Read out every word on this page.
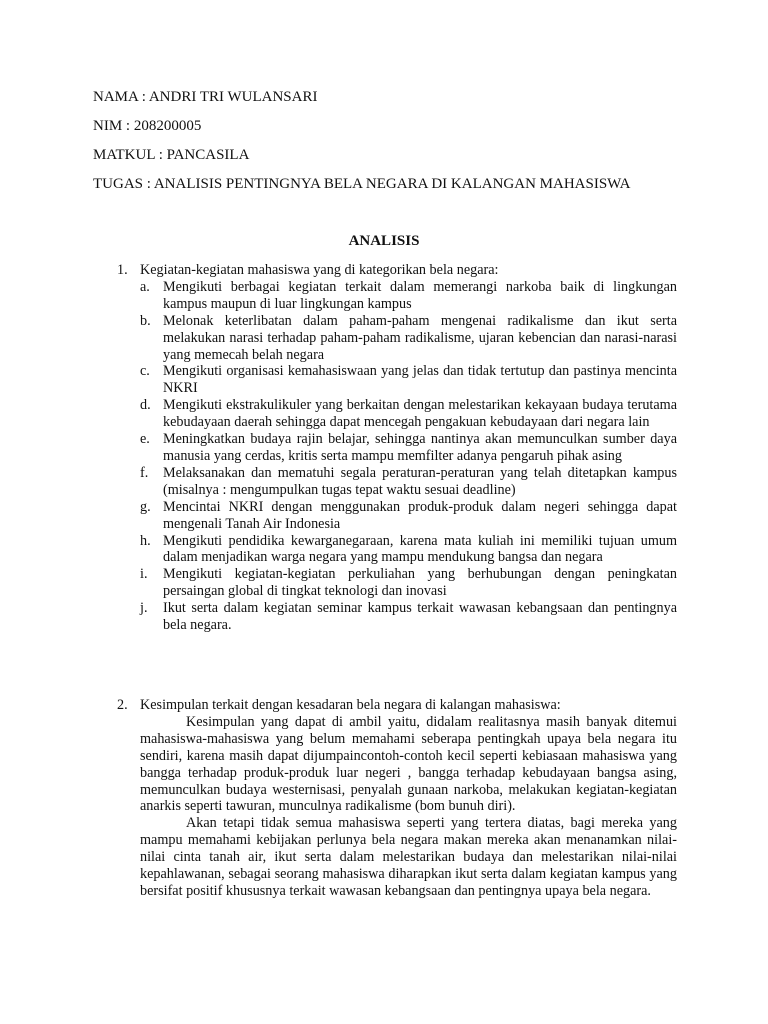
NAMA : ANDRI TRI WULANSARI
NIM : 208200005
MATKUL : PANCASILA
TUGAS : ANALISIS PENTINGNYA BELA NEGARA DI KALANGAN MAHASISWA
ANALISIS
1. Kegiatan-kegiatan mahasiswa yang di kategorikan bela negara:
a. Mengikuti berbagai kegiatan terkait dalam memerangi narkoba baik di lingkungan kampus maupun di luar lingkungan kampus
b. Melonak keterlibatan dalam paham-paham mengenai radikalisme dan ikut serta melakukan narasi terhadap paham-paham radikalisme, ujaran kebencian dan narasi-narasi yang memecah belah negara
c. Mengikuti organisasi kemahasiswaan yang jelas dan tidak tertutup dan pastinya mencinta NKRI
d. Mengikuti ekstrakulikuler yang berkaitan dengan melestarikan kekayaan budaya terutama kebudayaan daerah sehingga dapat mencegah pengakuan kebudayaan dari negara lain
e. Meningkatkan budaya rajin belajar, sehingga nantinya akan memunculkan sumber daya manusia yang cerdas, kritis serta mampu memfilter adanya pengaruh pihak asing
f. Melaksanakan dan mematuhi segala peraturan-peraturan yang telah ditetapkan kampus (misalnya : mengumpulkan tugas tepat waktu sesuai deadline)
g. Mencintai NKRI dengan menggunakan produk-produk dalam negeri sehingga dapat mengenali Tanah Air Indonesia
h. Mengikuti pendidika kewarganegaraan, karena mata kuliah ini memiliki tujuan umum dalam menjadikan warga negara yang mampu mendukung bangsa dan negara
i. Mengikuti kegiatan-kegiatan perkuliahan yang berhubungan dengan peningkatan persaingan global di tingkat teknologi dan inovasi
j. Ikut serta dalam kegiatan seminar kampus terkait wawasan kebangsaan dan pentingnya bela negara.
2. Kesimpulan terkait dengan kesadaran bela negara di kalangan mahasiswa:
Kesimpulan yang dapat di ambil yaitu, didalam realitasnya masih banyak ditemui mahasiswa-mahasiswa yang belum memahami seberapa pentingkah upaya bela negara itu sendiri, karena masih dapat dijumpaincontoh-contoh kecil seperti kebiasaan mahasiswa yang bangga terhadap produk-produk luar negeri , bangga terhadap kebudayaan bangsa asing, memunculkan budaya westernisasi, penyalah gunaan narkoba, melakukan kegiatan-kegiatan anarkis seperti tawuran, munculnya radikalisme (bom bunuh diri).
Akan tetapi tidak semua mahasiswa seperti yang tertera diatas, bagi mereka yang mampu memahami kebijakan perlunya bela negara makan mereka akan menanamkan nilai-nilai cinta tanah air, ikut serta dalam melestarikan budaya dan melestarikan nilai-nilai kepahlawanan, sebagai seorang mahasiswa diharapkan ikut serta dalam kegiatan kampus yang bersifat positif khususnya terkait wawasan kebangsaan dan pentingnya upaya bela negara.
